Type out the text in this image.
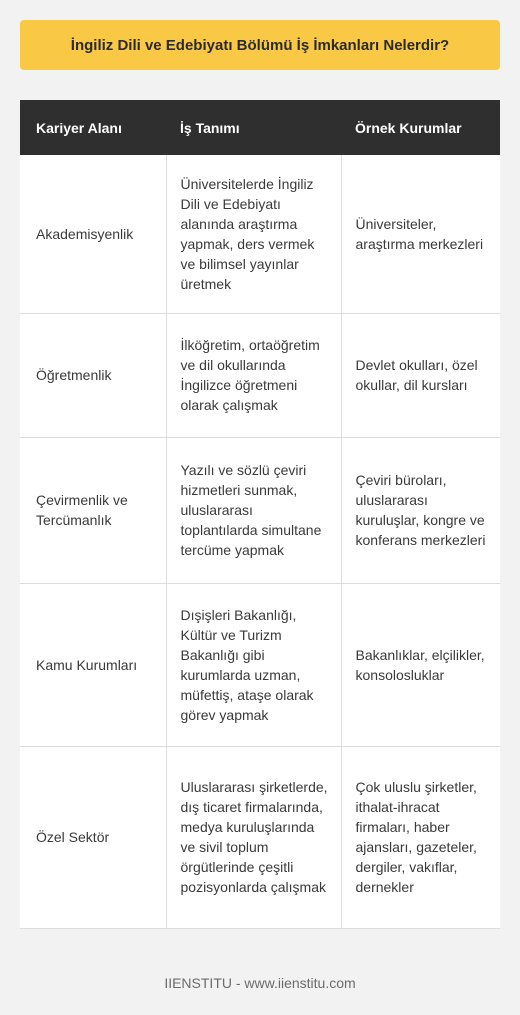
İngiliz Dili ve Edebiyatı Bölümü İş İmkanları Nelerdir?
Kariyer Alanı	İş Tanımı	Örnek Kurumlar
Akademisyenlik	Üniversitelerde İngiliz Dili ve Edebiyatı alanında araştırma yapmak, ders vermek ve bilimsel yayınlar üretmek	Üniversiteler, araştırma merkezleri
Öğretmenlik	İlköğretim, ortaöğretim ve dil okullarında İngilizce öğretmeni olarak çalışmak	Devlet okulları, özel okullar, dil kursları
Çevirmenlik ve Tercümanlık	Yazılı ve sözlü çeviri hizmetleri sunmak, uluslararası toplantılarda simultane tercüme yapmak	Çeviri büroları, uluslararası kuruluşlar, kongre ve konferans merkezleri
Kamu Kurumları	Dışişleri Bakanlığı, Kültür ve Turizm Bakanlığı gibi kurumlarda uzman, müfettiş, ataşe olarak görev yapmak	Bakanlıklar, elçilikler, konsolosluklar
Özel Sektör	Uluslararası şirketlerde, dış ticaret firmalarında, medya kuruluşlarında ve sivil toplum örgütlerinde çeşitli pozisyonlarda çalışmak	Çok uluslu şirketler, ithalat-ihracat firmaları, haber ajansları, gazeteler, dergiler, vakıflar, dernekler
IIENSTITU - www.iienstitu.com
